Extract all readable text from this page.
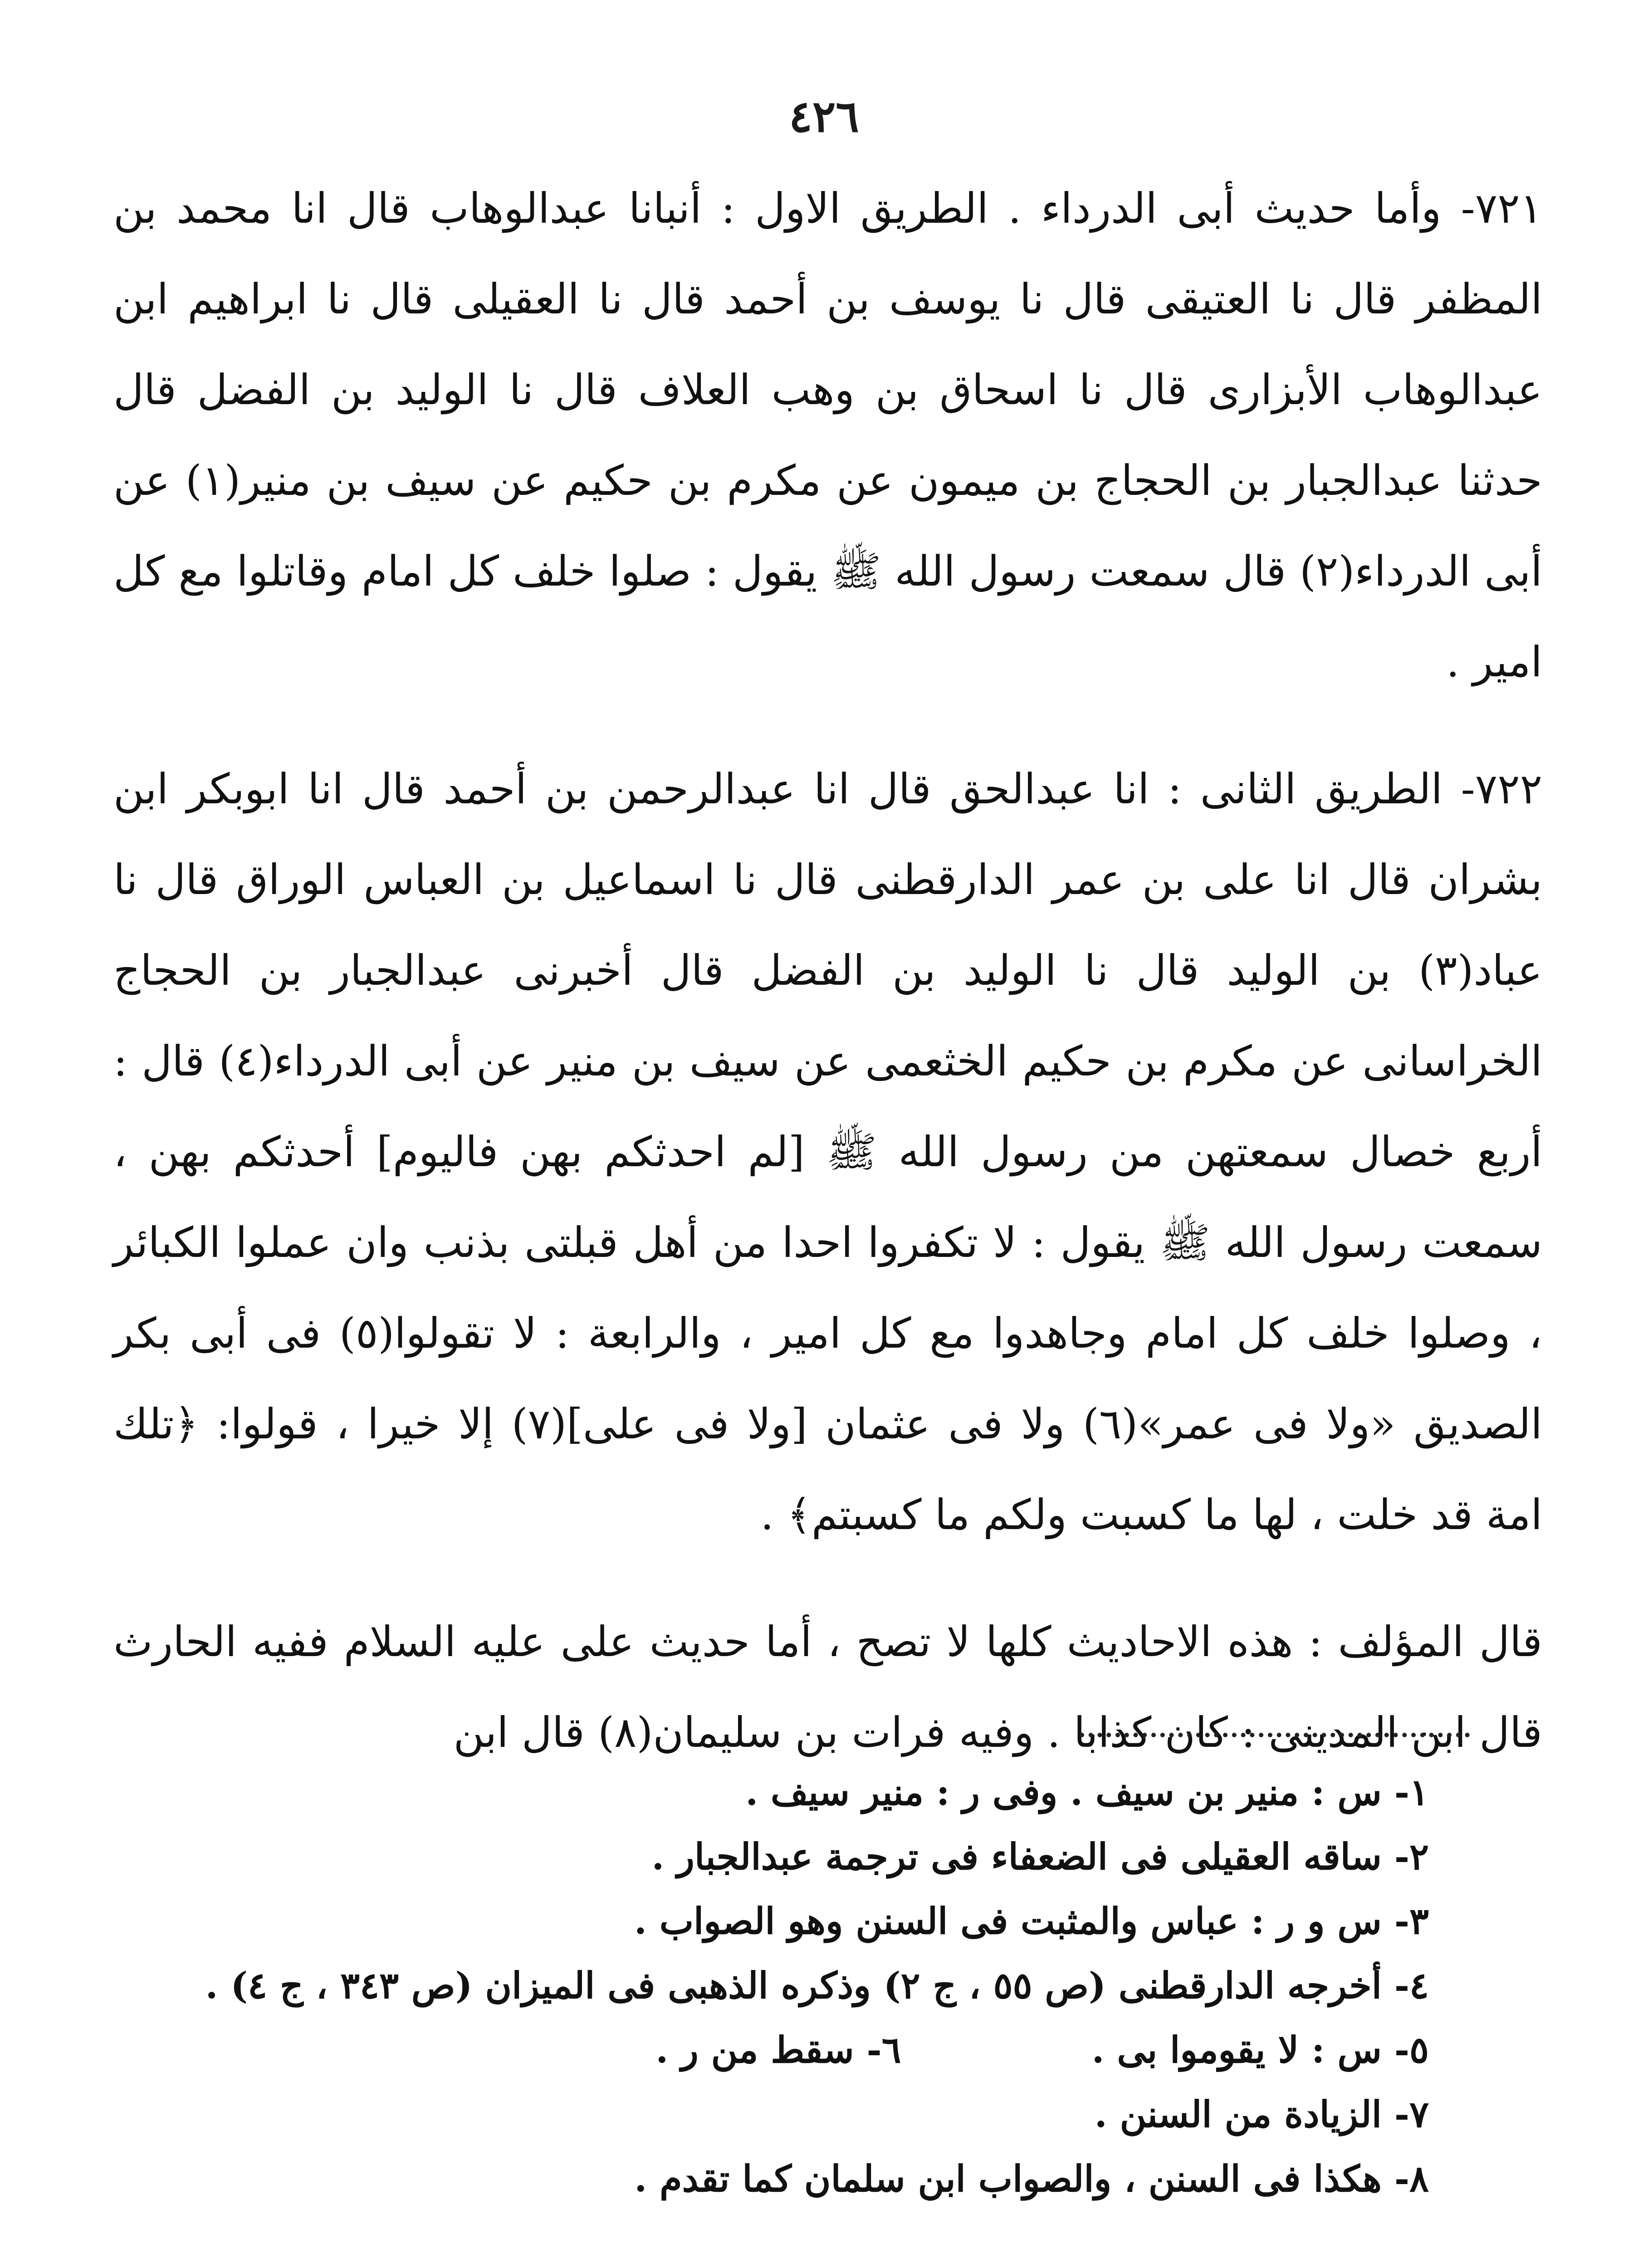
٤٢٦

٧٢١- وأما حديث أبى الدرداء . الطريق الاول : أنبانا عبدالوهاب قال انا محمد بن المظفر قال نا العتيقى قال نا يوسف بن أحمد قال نا العقيلى قال نا ابراهيم ابن عبدالوهاب الأبزارى قال نا اسحاق بن وهب العلاف قال نا الوليد بن الفضل قال حدثنا عبدالجبار بن الحجاج بن ميمون عن مكرم بن حكيم عن سيف بن منير(١) عن أبى الدرداء(٢) قال سمعت رسول الله ﷺ يقول : صلوا خلف كل امام وقاتلوا مع كل امير .

٧٢٢- الطريق الثانى : انا عبدالحق قال انا عبدالرحمن بن أحمد قال انا ابوبكر ابن بشران قال انا على بن عمر الدارقطنى قال نا اسماعيل بن العباس الوراق قال نا عباد(٣) بن الوليد قال نا الوليد بن الفضل قال أخبرنى عبدالجبار بن الحجاج الخراسانى عن مكرم بن حكيم الخثعمى عن سيف بن منير عن أبى الدرداء(٤) قال : أربع خصال سمعتهن من رسول الله ﷺ [لم احدثكم بهن فاليوم] أحدثكم بهن ، سمعت رسول الله ﷺ يقول : لا تكفروا احدا من أهل قبلتى بذنب وان عملوا الكبائر ، وصلوا خلف كل امام وجاهدوا مع كل امير ، والرابعة : لا تقولوا(٥) فى أبى بكر الصديق «ولا فى عمر»(٦) ولا فى عثمان [ولا فى على](٧) إلا خيرا ، قولوا: ﴿تلك امة قد خلت ، لها ما كسبت ولكم ما كسبتم﴾ .

قال المؤلف : هذه الاحاديث كلها لا تصح ، أما حديث على عليه السلام ففيه الحارث قال ابن المدينى : كان كذابا . وفيه فرات بن سليمان(٨) قال ابن

١- س : منير بن سيف . وفى ر : منير سيف .
٢- ساقه العقيلى فى الضعفاء فى ترجمة عبدالجبار .
٣- س و ر : عباس والمثبت فى السنن وهو الصواب .
٤- أخرجه الدارقطنى (ص ٥٥ ، ج ٢) وذكره الذهبى فى الميزان (ص ٣٤٣ ، ج ٤) .
٥- س : لا يقوموا بى .٦- سقط من ر .
٧- الزيادة من السنن .
٨- هكذا فى السنن ، والصواب ابن سلمان كما تقدم .
